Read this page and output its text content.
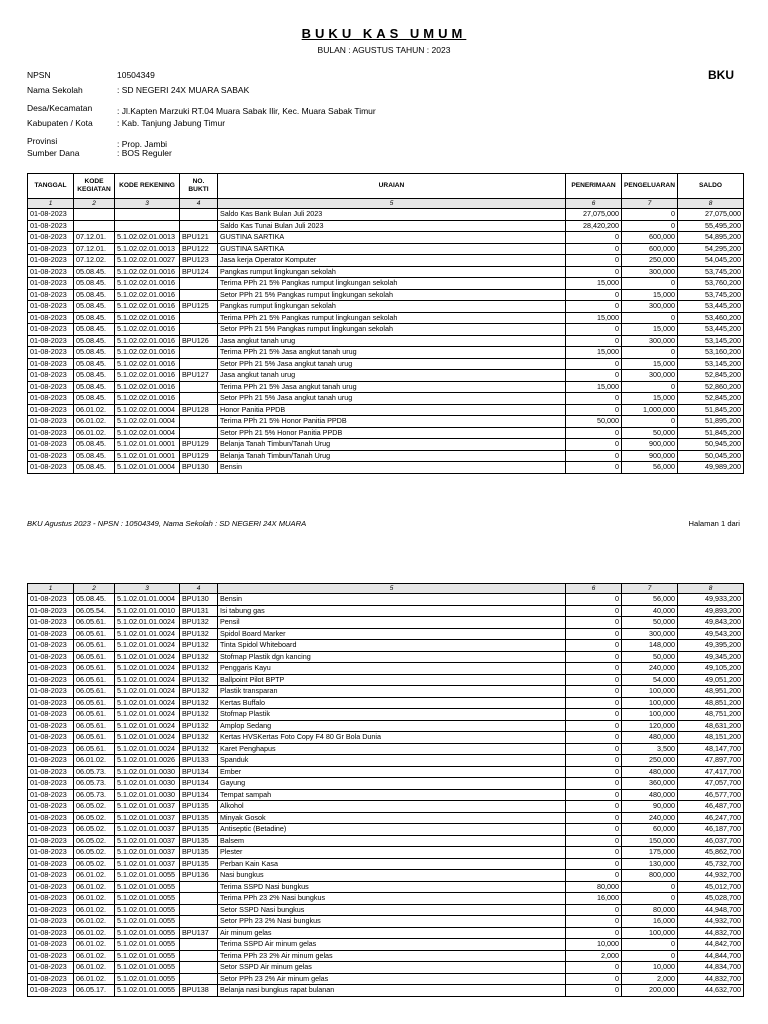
BUKU KAS UMUM
BULAN : AGUSTUS TAHUN : 2023
BKU
NPSN	10504349
Nama Sekolah	: SD NEGERI 24X MUARA SABAK
Desa/Kecamatan	: Jl.Kapten Marzuki RT.04 Muara Sabak Ilir, Kec. Muara Sabak Timur
Kabupaten / Kota	: Kab. Tanjung Jabung Timur
Provinsi	: Prop. Jambi
Sumber Dana	: BOS Reguler
TANGGAL	KODE KEGIATAN	KODE REKENING	NO. BUKTI	URAIAN	PENERIMAAN	PENGELUARAN	SALDO
1	2	3	4	5	6	7	8
01-08-2023				Saldo Kas Bank Bulan Juli 2023	27,075,000	0	27,075,000
01-08-2023				Saldo Kas Tunai Bulan Juli 2023	28,420,200	0	55,495,200
01-08-2023	07.12.01.	5.1.02.02.01.0013	BPU121	GUSTINA SARTIKA	0	600,000	54,895,200
01-08-2023	07.12.01.	5.1.02.02.01.0013	BPU122	GUSTINA SARTIKA	0	600,000	54,295,200
01-08-2023	07.12.02.	5.1.02.02.01.0027	BPU123	Jasa kerja Operator Komputer	0	250,000	54,045,200
01-08-2023	05.08.45.	5.1.02.02.01.0016	BPU124	Pangkas rumput lingkungan sekolah	0	300,000	53,745,200
01-08-2023	05.08.45.	5.1.02.02.01.0016		Terima PPh 21 5% Pangkas rumput lingkungan sekolah	15,000	0	53,760,200
01-08-2023	05.08.45.	5.1.02.02.01.0016		Setor PPh 21 5% Pangkas rumput lingkungan sekolah	0	15,000	53,745,200
01-08-2023	05.08.45.	5.1.02.02.01.0016	BPU125	Pangkas rumput lingkungan sekolah	0	300,000	53,445,200
01-08-2023	05.08.45.	5.1.02.02.01.0016		Terima PPh 21 5% Pangkas rumput lingkungan sekolah	15,000	0	53,460,200
01-08-2023	05.08.45.	5.1.02.02.01.0016		Setor PPh 21 5% Pangkas rumput lingkungan sekolah	0	15,000	53,445,200
01-08-2023	05.08.45.	5.1.02.02.01.0016	BPU126	Jasa angkut tanah urug	0	300,000	53,145,200
01-08-2023	05.08.45.	5.1.02.02.01.0016		Terima PPh 21 5% Jasa angkut tanah urug	15,000	0	53,160,200
01-08-2023	05.08.45.	5.1.02.02.01.0016		Setor PPh 21 5% Jasa angkut tanah urug	0	15,000	53,145,200
01-08-2023	05.08.45.	5.1.02.02.01.0016	BPU127	Jasa angkut tanah urug	0	300,000	52,845,200
01-08-2023	05.08.45.	5.1.02.02.01.0016		Terima PPh 21 5% Jasa angkut tanah urug	15,000	0	52,860,200
01-08-2023	05.08.45.	5.1.02.02.01.0016		Setor PPh 21 5% Jasa angkut tanah urug	0	15,000	52,845,200
01-08-2023	06.01.02.	5.1.02.02.01.0004	BPU128	Honor Panitia PPDB	0	1,000,000	51,845,200
01-08-2023	06.01.02.	5.1.02.02.01.0004		Terima PPh 21 5% Honor Panitia PPDB	50,000	0	51,895,200
01-08-2023	06.01.02.	5.1.02.02.01.0004		Setor PPh 21 5% Honor Panitia PPDB	0	50,000	51,845,200
01-08-2023	05.08.45.	5.1.02.01.01.0001	BPU129	Belanja Tanah Timbun/Tanah Urug	0	900,000	50,945,200
01-08-2023	05.08.45.	5.1.02.01.01.0001	BPU129	Belanja Tanah Timbun/Tanah Urug	0	900,000	50,045,200
01-08-2023	05.08.45.	5.1.02.01.01.0004	BPU130	Bensin	0	56,000	49,989,200
BKU Agustus 2023 - NPSN : 10504349, Nama Sekolah : SD NEGERI 24X MUARA	Halaman 1 dari
1	2	3	4	5	6	7	8
01-08-2023	05.08.45.	5.1.02.01.01.0004	BPU130	Bensin	0	56,000	49,933,200
01-08-2023	06.05.54.	5.1.02.01.01.0010	BPU131	Isi tabung gas	0	40,000	49,893,200
01-08-2023	06.05.61.	5.1.02.01.01.0024	BPU132	Pensil	0	50,000	49,843,200
01-08-2023	06.05.61.	5.1.02.01.01.0024	BPU132	Spidol Board Marker	0	300,000	49,543,200
01-08-2023	06.05.61.	5.1.02.01.01.0024	BPU132	Tinta Spidol Whiteboard	0	148,000	49,395,200
01-08-2023	06.05.61.	5.1.02.01.01.0024	BPU132	Stofmap Plastik dgn kancing	0	50,000	49,345,200
01-08-2023	06.05.61.	5.1.02.01.01.0024	BPU132	Penggaris Kayu	0	240,000	49,105,200
01-08-2023	06.05.61.	5.1.02.01.01.0024	BPU132	Ballpoint Pilot BPTP	0	54,000	49,051,200
01-08-2023	06.05.61.	5.1.02.01.01.0024	BPU132	Plastik transparan	0	100,000	48,951,200
01-08-2023	06.05.61.	5.1.02.01.01.0024	BPU132	Kertas Buffalo	0	100,000	48,851,200
01-08-2023	06.05.61.	5.1.02.01.01.0024	BPU132	Stofmap Plastik	0	100,000	48,751,200
01-08-2023	06.05.61.	5.1.02.01.01.0024	BPU132	Amplop Sedang	0	120,000	48,631,200
01-08-2023	06.05.61.	5.1.02.01.01.0024	BPU132	Kertas HVSKertas Foto Copy F4 80 Gr Bola Dunia	0	480,000	48,151,200
01-08-2023	06.05.61.	5.1.02.01.01.0024	BPU132	Karet Penghapus	0	3,500	48,147,700
01-08-2023	06.01.02.	5.1.02.01.01.0026	BPU133	Spanduk	0	250,000	47,897,700
01-08-2023	06.05.73.	5.1.02.01.01.0030	BPU134	Ember	0	480,000	47,417,700
01-08-2023	06.05.73.	5.1.02.01.01.0030	BPU134	Gayung	0	360,000	47,057,700
01-08-2023	06.05.73.	5.1.02.01.01.0030	BPU134	Tempat sampah	0	480,000	46,577,700
01-08-2023	06.05.02.	5.1.02.01.01.0037	BPU135	Alkohol	0	90,000	46,487,700
01-08-2023	06.05.02.	5.1.02.01.01.0037	BPU135	Minyak Gosok	0	240,000	46,247,700
01-08-2023	06.05.02.	5.1.02.01.01.0037	BPU135	Antiseptic (Betadine)	0	60,000	46,187,700
01-08-2023	06.05.02.	5.1.02.01.01.0037	BPU135	Balsem	0	150,000	46,037,700
01-08-2023	06.05.02.	5.1.02.01.01.0037	BPU135	Plester	0	175,000	45,862,700
01-08-2023	06.05.02.	5.1.02.01.01.0037	BPU135	Perban Kain Kasa	0	130,000	45,732,700
01-08-2023	06.01.02.	5.1.02.01.01.0055	BPU136	Nasi bungkus	0	800,000	44,932,700
01-08-2023	06.01.02.	5.1.02.01.01.0055		Terima SSPD Nasi bungkus	80,000	0	45,012,700
01-08-2023	06.01.02.	5.1.02.01.01.0055		Terima PPh 23 2% Nasi bungkus	16,000	0	45,028,700
01-08-2023	06.01.02.	5.1.02.01.01.0055		Setor SSPD Nasi bungkus	0	80,000	44,948,700
01-08-2023	06.01.02.	5.1.02.01.01.0055		Setor PPh 23 2% Nasi bungkus	0	16,000	44,932,700
01-08-2023	06.01.02.	5.1.02.01.01.0055	BPU137	Air minum gelas	0	100,000	44,832,700
01-08-2023	06.01.02.	5.1.02.01.01.0055		Terima SSPD Air minum gelas	10,000	0	44,842,700
01-08-2023	06.01.02.	5.1.02.01.01.0055		Terima PPh 23 2% Air minum gelas	2,000	0	44,844,700
01-08-2023	06.01.02.	5.1.02.01.01.0055		Setor SSPD Air minum gelas	0	10,000	44,834,700
01-08-2023	06.01.02.	5.1.02.01.01.0055		Setor PPh 23 2% Air minum gelas	0	2,000	44,832,700
01-08-2023	06.05.17.	5.1.02.01.01.0055	BPU138	Belanja nasi bungkus rapat bulanan	0	200,000	44,632,700
